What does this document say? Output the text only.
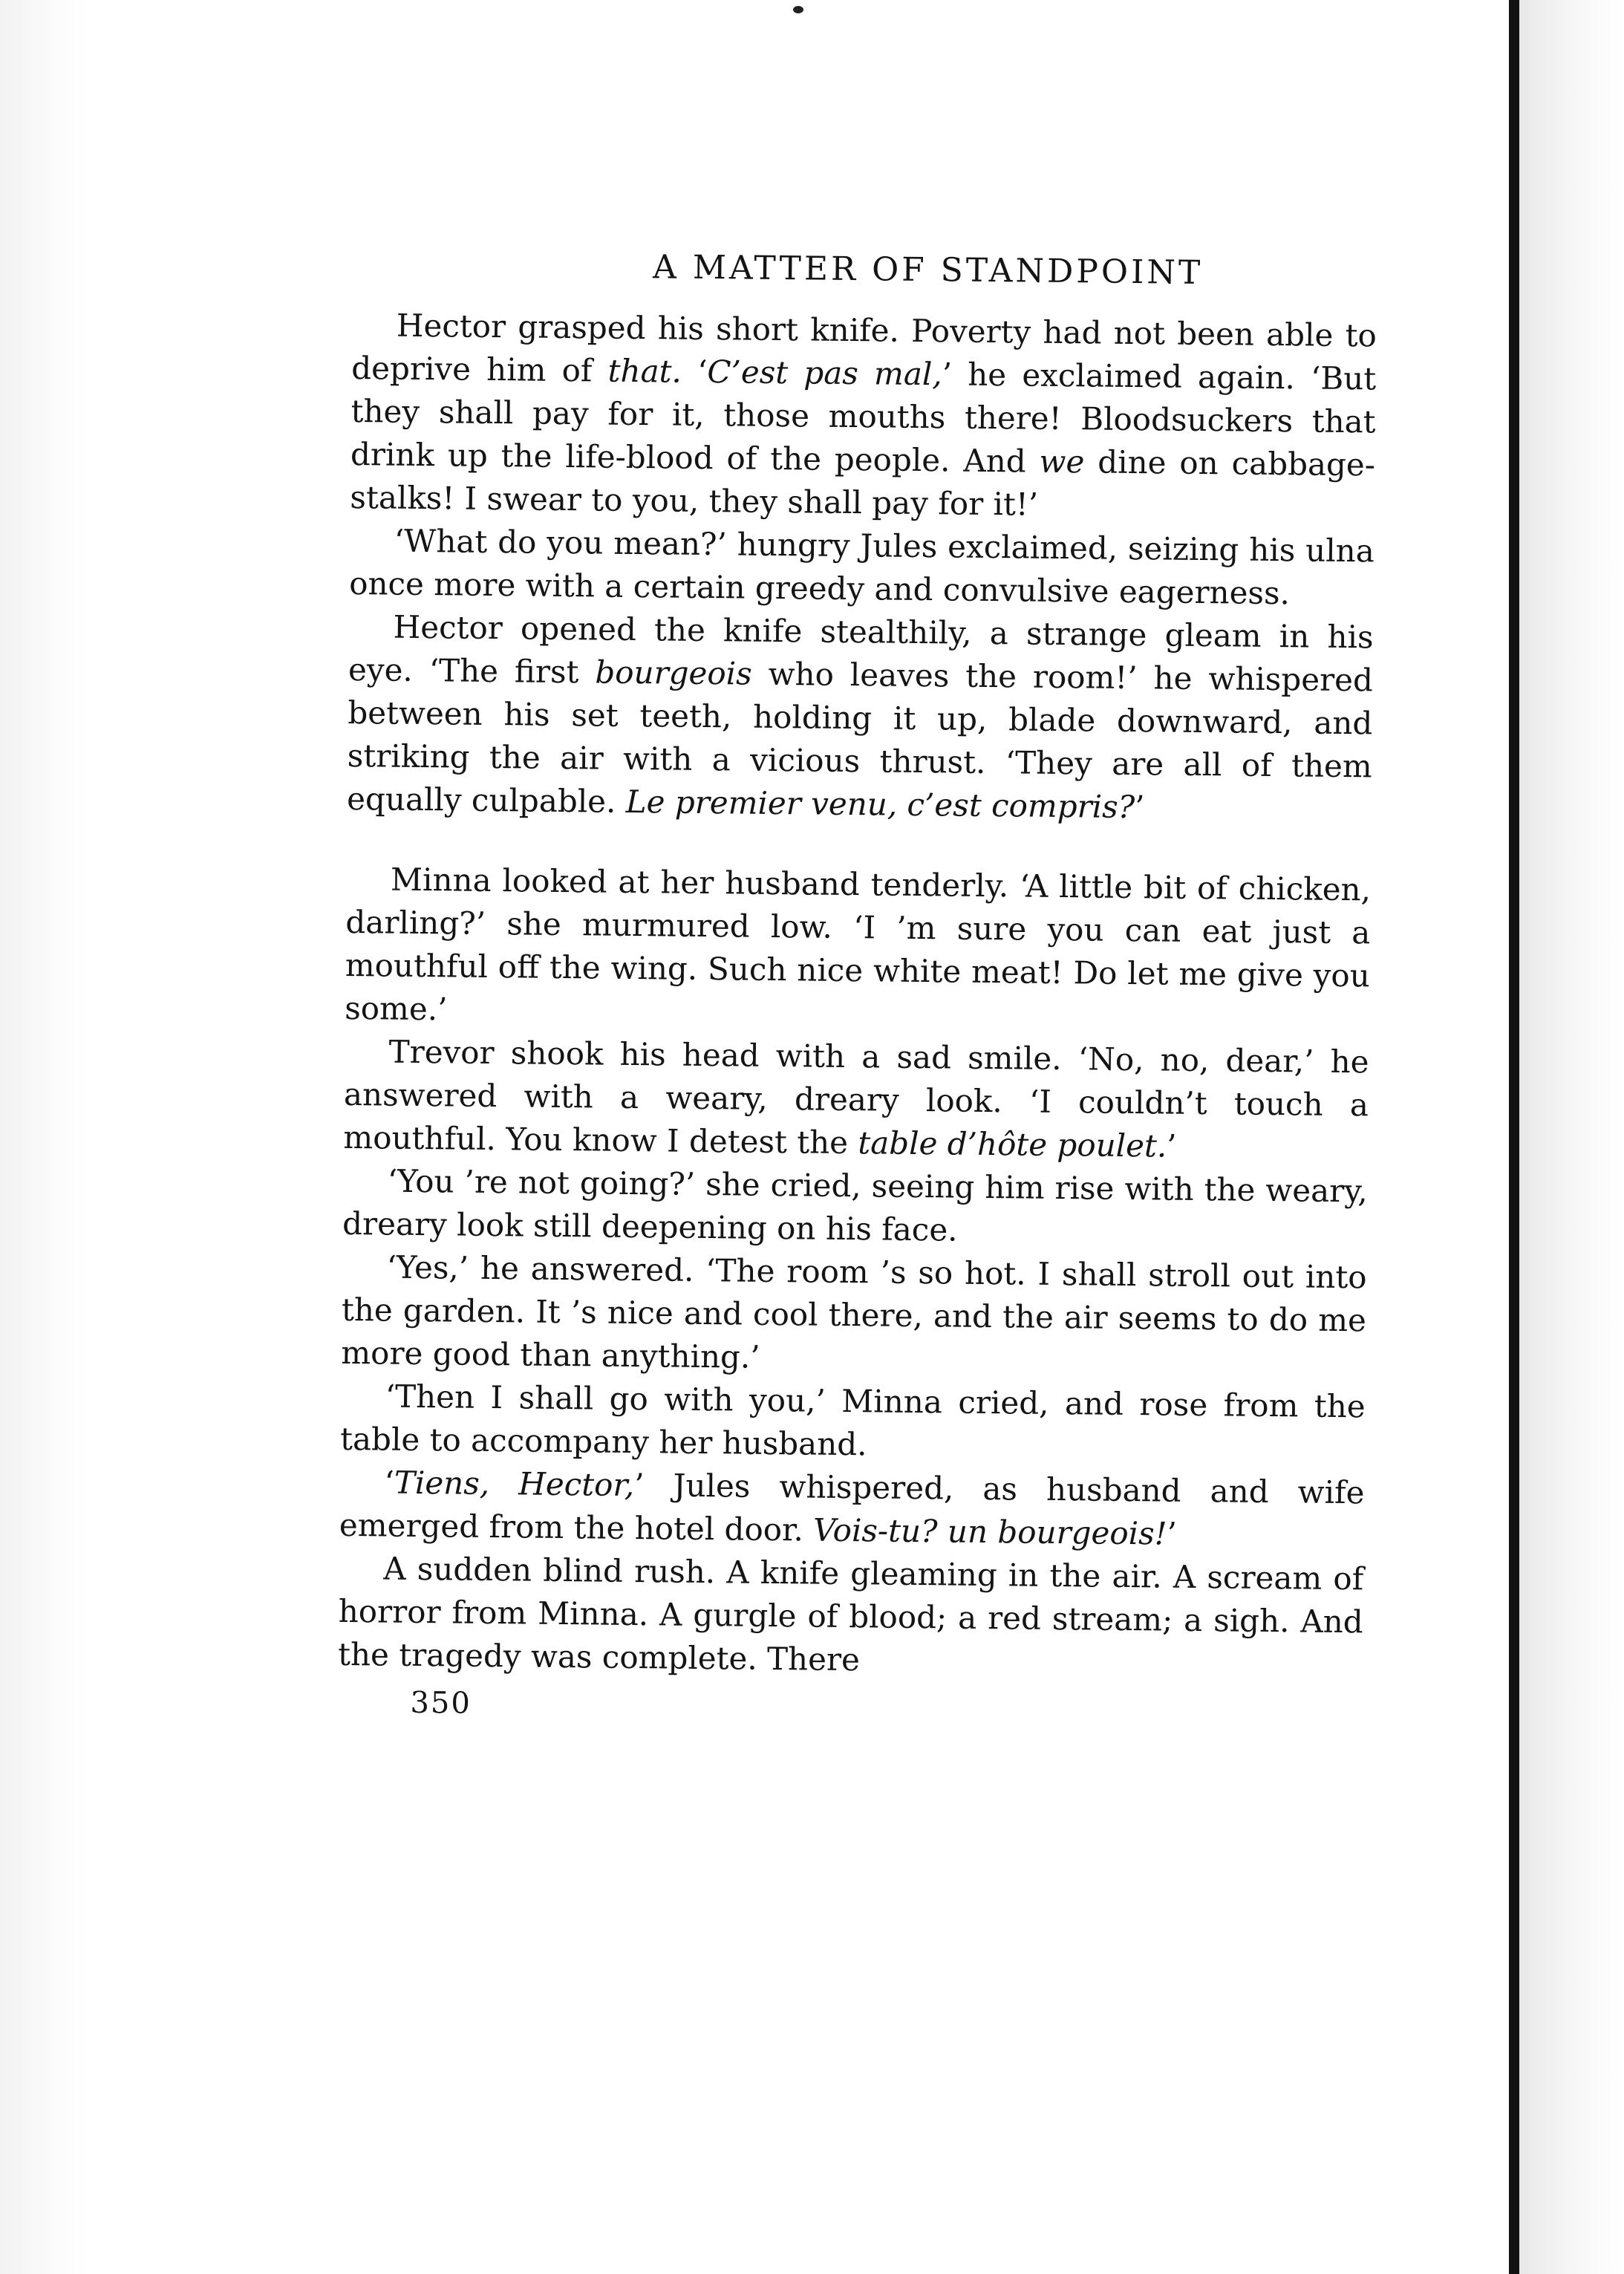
A MATTER OF STANDPOINT

Hector grasped his short knife. Poverty had not been able to deprive him of that. ‘C’est pas mal,’ he exclaimed again. ‘But they shall pay for it, those mouths there! Bloodsuckers that drink up the life-blood of the people. And we dine on cabbage-stalks! I swear to you, they shall pay for it!’

‘What do you mean?’ hungry Jules exclaimed, seizing his ulna once more with a certain greedy and convulsive eagerness.

Hector opened the knife stealthily, a strange gleam in his eye. ‘The first bourgeois who leaves the room!’ he whispered between his set teeth, holding it up, blade downward, and striking the air with a vicious thrust. ‘They are all of them equally culpable. Le premier venu, c’est compris?’

Minna looked at her husband tenderly. ‘A little bit of chicken, darling?’ she murmured low. ‘I ’m sure you can eat just a mouthful off the wing. Such nice white meat! Do let me give you some.’

Trevor shook his head with a sad smile. ‘No, no, dear,’ he answered with a weary, dreary look. ‘I couldn’t touch a mouthful. You know I detest the table d’hôte poulet.’

‘You ’re not going?’ she cried, seeing him rise with the weary, dreary look still deepening on his face.

‘Yes,’ he answered. ‘The room ’s so hot. I shall stroll out into the garden. It ’s nice and cool there, and the air seems to do me more good than anything.’

‘Then I shall go with you,’ Minna cried, and rose from the table to accompany her husband.

‘Tiens, Hector,’ Jules whispered, as husband and wife emerged from the hotel door. Vois-tu? un bourgeois!’

A sudden blind rush. A knife gleaming in the air. A scream of horror from Minna. A gurgle of blood; a red stream; a sigh. And the tragedy was complete. There

350
